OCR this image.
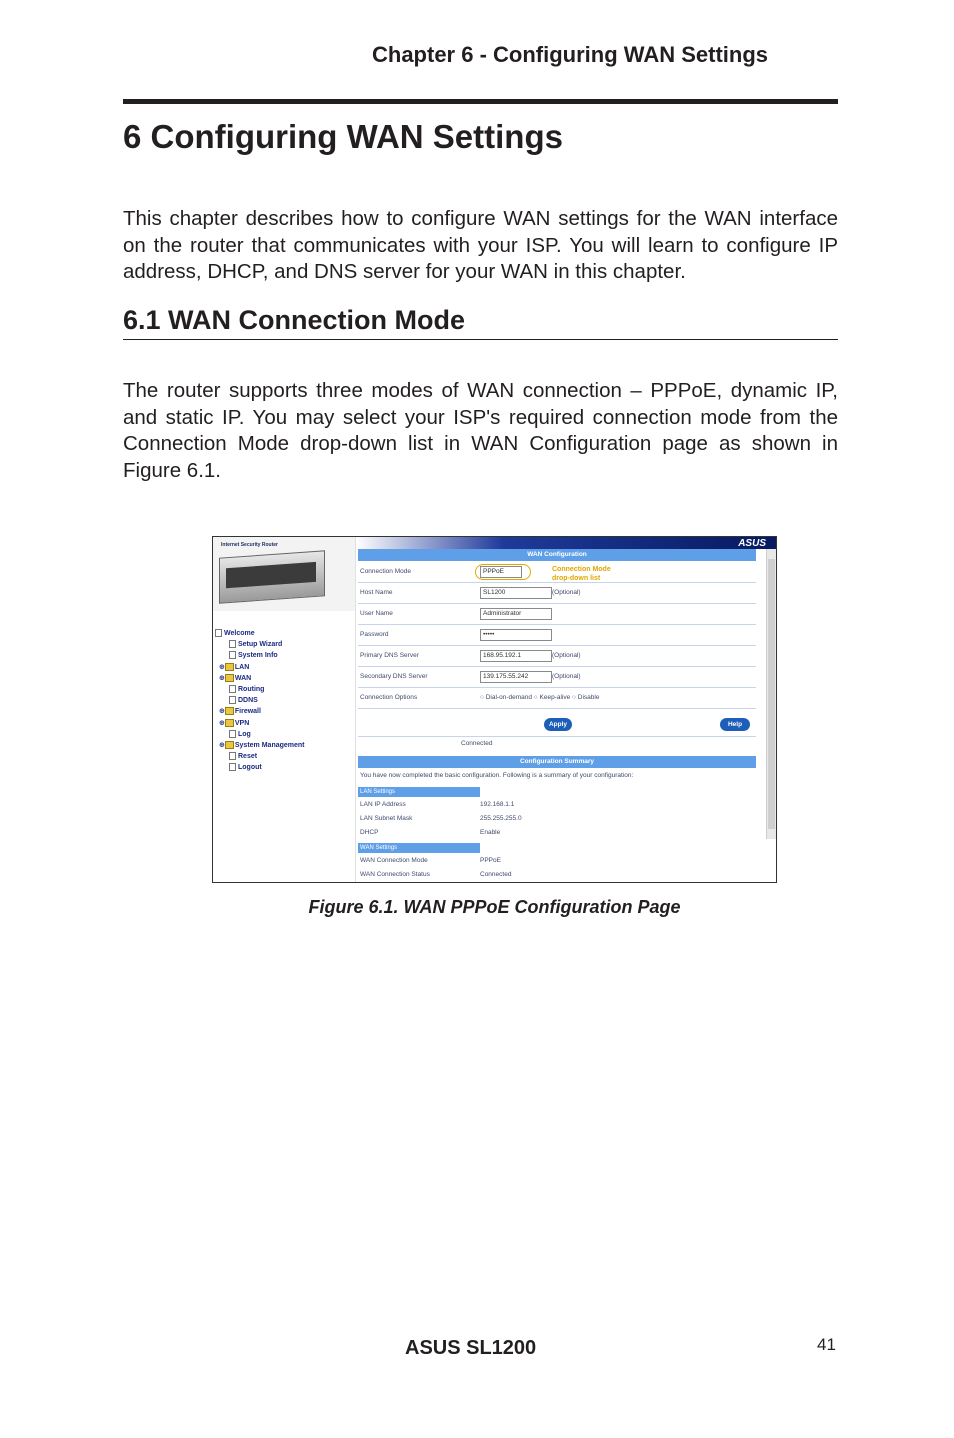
Chapter 6 - Configuring WAN Settings
6 Configuring WAN Settings

This chapter describes how to configure WAN settings for the WAN interface on the router that communicates with your ISP. You will learn to configure IP address, DHCP, and DNS server for your WAN in this chapter.

6.1 WAN Connection Mode

The router supports three modes of WAN connection – PPPoE, dynamic IP, and static IP. You may select your ISP's required connection mode from the Connection Mode drop-down list in WAN Configuration page as shown in Figure 6.1.

Internet Security Router
Welcome
Setup Wizard
System Info
⊕ LAN
⊕ WAN
Routing
DDNS
⊕ Firewall
⊕ VPN
Log
⊕ System Management
Reset
Logout
ASUS
WAN Configuration
Connection Mode	PPPoE	Connection Mode drop-down list
Host Name	SL1200	(Optional)
User Name	Administrator
Password	•••••
Primary DNS Server	168.95.192.1	(Optional)
Secondary DNS Server	139.175.55.242	(Optional)
Connection Options	○ Dial-on-demand ○ Keep-alive ○ Disable
Apply	Help
Connected
Configuration Summary
You have now completed the basic configuration. Following is a summary of your configuration:
LAN Settings
LAN IP Address	192.168.1.1
LAN Subnet Mask	255.255.255.0
DHCP	Enable
WAN Settings
WAN Connection Mode	PPPoE
WAN Connection Status	Connected

Figure 6.1. WAN PPPoE Configuration Page

ASUS SL1200	41
